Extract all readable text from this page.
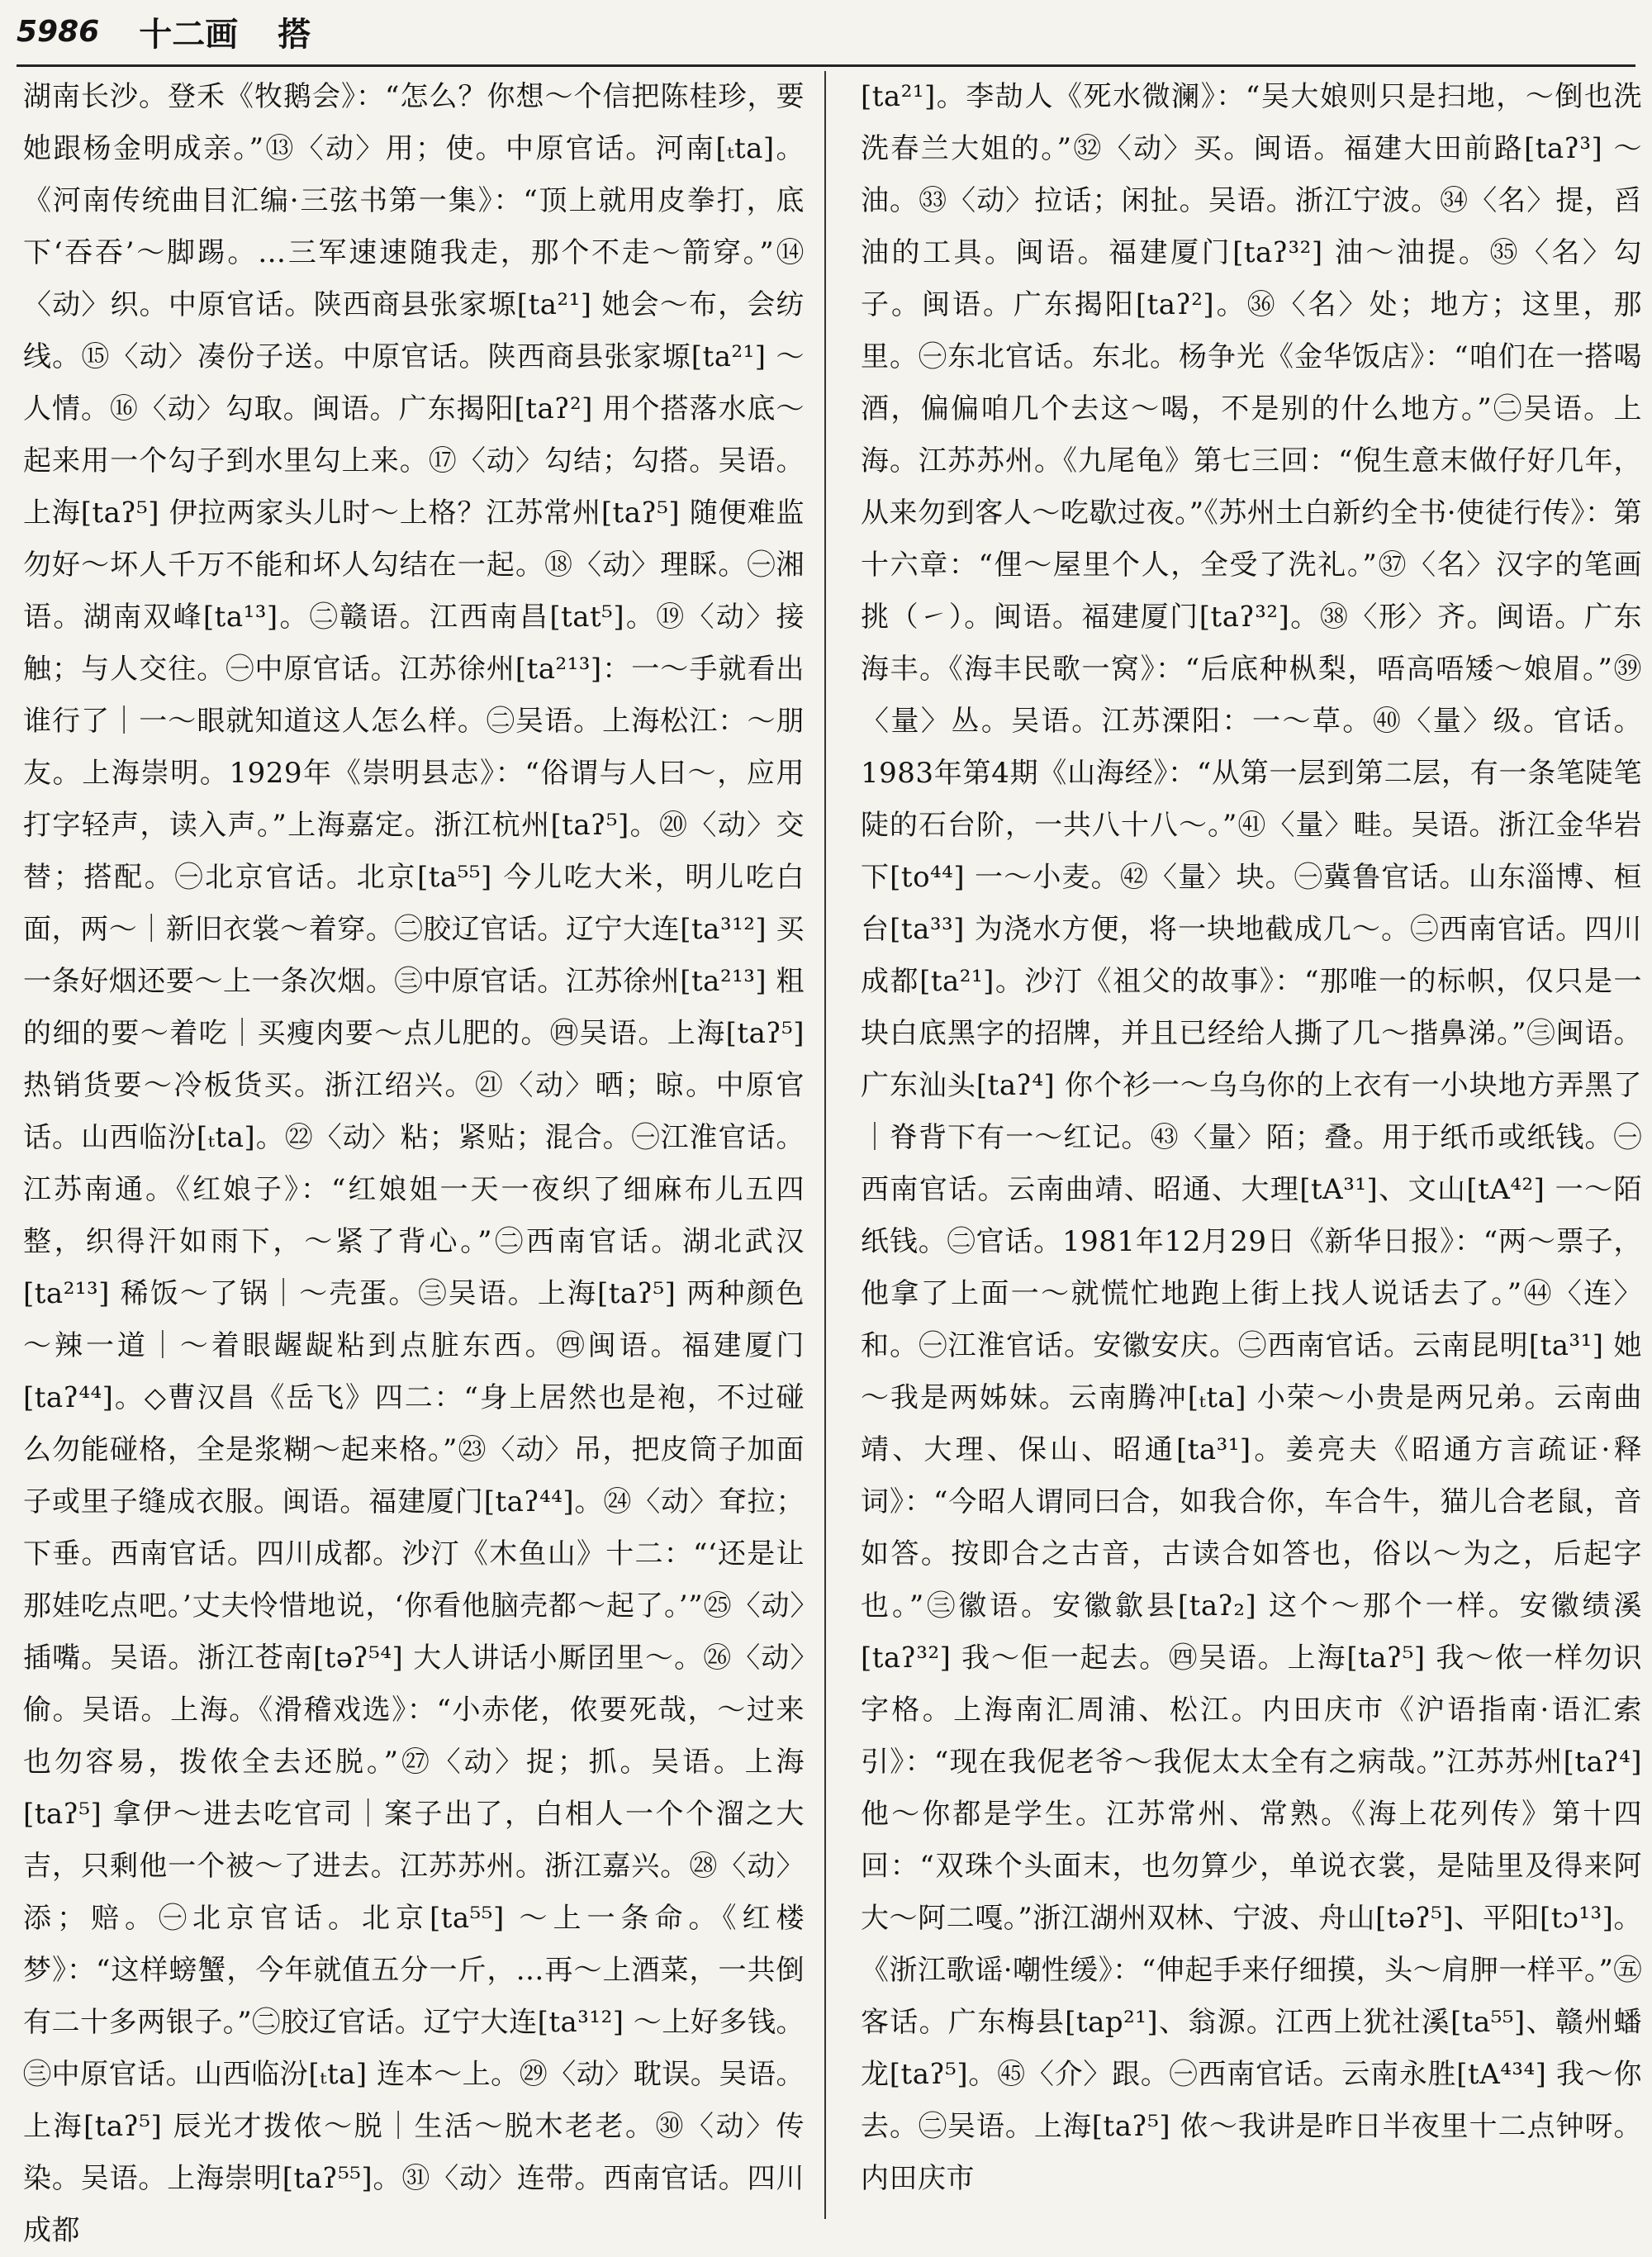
5986 十二画 搭

湖南长沙。登禾《牧鹅会》：“怎么？你想～个信把陈桂珍，要她跟杨金明成亲。”⑬〈动〉用；使。中原官话。河南[ₜta]。《河南传统曲目汇编·三弦书第一集》：“顶上就用皮拳打，底下‘吞吞’～脚踢。…三军速速随我走，那个不走～箭穿。”⑭〈动〉织。中原官话。陕西商县张家塬[ta²¹] 她会～布，会纺线。⑮〈动〉凑份子送。中原官话。陕西商县张家塬[ta²¹] ～人情。⑯〈动〉勾取。闽语。广东揭阳[taʔ²] 用个搭落水底～起来用一个勾子到水里勾上来。⑰〈动〉勾结；勾搭。吴语。上海[taʔ⁵] 伊拉两家头儿时～上格？江苏常州[taʔ⁵] 随便难监勿好～坏人千万不能和坏人勾结在一起。⑱〈动〉理睬。㊀湘语。湖南双峰[ta¹³]。㊁赣语。江西南昌[tat⁵]。⑲〈动〉接触；与人交往。㊀中原官话。江苏徐州[ta²¹³]：一～手就看出谁行了｜一～眼就知道这人怎么样。㊁吴语。上海松江：～朋友。上海崇明。1929年《崇明县志》：“俗谓与人曰～，应用打字轻声，读入声。”上海嘉定。浙江杭州[taʔ⁵]。⑳〈动〉交替；搭配。㊀北京官话。北京[ta⁵⁵] 今儿吃大米，明儿吃白面，两～｜新旧衣裳～着穿。㊁胶辽官话。辽宁大连[ta³¹²] 买一条好烟还要～上一条次烟。㊂中原官话。江苏徐州[ta²¹³] 粗的细的要～着吃｜买瘦肉要～点儿肥的。㊃吴语。上海[taʔ⁵] 热销货要～冷板货买。浙江绍兴。㉑〈动〉晒；晾。中原官话。山西临汾[ₜta]。㉒〈动〉粘；紧贴；混合。㊀江淮官话。江苏南通。《红娘子》：“红娘姐一天一夜织了细麻布儿五四整，织得汗如雨下，～紧了背心。”㊁西南官话。湖北武汉[ta²¹³] 稀饭～了锅｜～壳蛋。㊂吴语。上海[taʔ⁵] 两种颜色～辣一道｜～着眼龌龊粘到点脏东西。㊃闽语。福建厦门[taʔ⁴⁴]。◇曹汉昌《岳飞》四二：“身上居然也是袍，不过碰么勿能碰格，全是浆糊～起来格。”㉓〈动〉吊，把皮筒子加面子或里子缝成衣服。闽语。福建厦门[taʔ⁴⁴]。㉔〈动〉耷拉；下垂。西南官话。四川成都。沙汀《木鱼山》十二：“‘还是让那娃吃点吧。’丈夫怜惜地说，‘你看他脑壳都～起了。’”㉕〈动〉插嘴。吴语。浙江苍南[təʔ⁵⁴] 大人讲话小厮囝里～。㉖〈动〉偷。吴语。上海。《滑稽戏选》：“小赤佬，侬要死哉，～过来也勿容易，拨侬全去还脱。”㉗〈动〉捉；抓。吴语。上海[taʔ⁵] 拿伊～进去吃官司｜案子出了，白相人一个个溜之大吉，只剩他一个被～了进去。江苏苏州。浙江嘉兴。㉘〈动〉添；赔。㊀北京官话。北京[ta⁵⁵] ～上一条命。《红楼梦》：“这样螃蟹，今年就值五分一斤，…再～上酒菜，一共倒有二十多两银子。”㊁胶辽官话。辽宁大连[ta³¹²] ～上好多钱。㊂中原官话。山西临汾[ₜta] 连本～上。㉙〈动〉耽误。吴语。上海[taʔ⁵] 辰光才拨侬～脱｜生活～脱木老老。㉚〈动〉传染。吴语。上海崇明[taʔ⁵⁵]。㉛〈动〉连带。西南官话。四川成都

[ta²¹]。李劼人《死水微澜》：“吴大娘则只是扫地，～倒也洗洗春兰大姐的。”㉜〈动〉买。闽语。福建大田前路[taʔ³] ～油。㉝〈动〉拉话；闲扯。吴语。浙江宁波。㉞〈名〉提，舀油的工具。闽语。福建厦门[taʔ³²] 油～油提。㉟〈名〉勾子。闽语。广东揭阳[taʔ²]。㊱〈名〉处；地方；这里，那里。㊀东北官话。东北。杨争光《金华饭店》：“咱们在一搭喝酒，偏偏咱几个去这～喝，不是别的什么地方。”㊁吴语。上海。江苏苏州。《九尾龟》第七三回：“倪生意末做仔好几年，从来勿到客人～吃歇过夜。”《苏州土白新约全书·使徒行传》：第十六章：“俚～屋里个人，全受了洗礼。”㊲〈名〉汉字的笔画挑（㇀）。闽语。福建厦门[taʔ³²]。㊳〈形〉齐。闽语。广东海丰。《海丰民歌一窝》：“后底种枞梨，唔高唔矮～娘眉。”㊴〈量〉丛。吴语。江苏溧阳：一～草。㊵〈量〉级。官话。1983年第4期《山海经》：“从第一层到第二层，有一条笔陡笔陡的石台阶，一共八十八～。”㊶〈量〉畦。吴语。浙江金华岩下[to⁴⁴] 一～小麦。㊷〈量〉块。㊀冀鲁官话。山东淄博、桓台[ta³³] 为浇水方便，将一块地截成几～。㊁西南官话。四川成都[ta²¹]。沙汀《祖父的故事》：“那唯一的标帜，仅只是一块白底黑字的招牌，并且已经给人撕了几～揩鼻涕。”㊂闽语。广东汕头[taʔ⁴] 你个衫一～乌乌你的上衣有一小块地方弄黑了｜脊背下有一～红记。㊸〈量〉陌；叠。用于纸币或纸钱。㊀西南官话。云南曲靖、昭通、大理[tA³¹]、文山[tA⁴²] 一～陌纸钱。㊁官话。1981年12月29日《新华日报》：“两～票子，他拿了上面一～就慌忙地跑上街上找人说话去了。”㊹〈连〉和。㊀江淮官话。安徽安庆。㊁西南官话。云南昆明[ta³¹] 她～我是两姊妹。云南腾冲[ₜta] 小荣～小贵是两兄弟。云南曲靖、大理、保山、昭通[ta³¹]。姜亮夫《昭通方言疏证·释词》：“今昭人谓同曰合，如我合你，车合牛，猫儿合老鼠，音如答。按即合之古音，古读合如答也，俗以～为之，后起字也。”㊂徽语。安徽歙县[taʔ₂] 这个～那个一样。安徽绩溪[taʔ³²] 我～佢一起去。㊃吴语。上海[taʔ⁵] 我～侬一样勿识字格。上海南汇周浦、松江。内田庆市《沪语指南·语汇索引》：“现在我伲老爷～我伲太太全有之病哉。”江苏苏州[taʔ⁴] 他～你都是学生。江苏常州、常熟。《海上花列传》第十四回：“双珠个头面末，也勿算少，单说衣裳，是陆里及得来阿大～阿二嘎。”浙江湖州双林、宁波、舟山[təʔ⁵]、平阳[tɔ¹³]。《浙江歌谣·嘲性缓》：“伸起手来仔细摸，头～肩胛一样平。”㊄客话。广东梅县[tap²¹]、翁源。江西上犹社溪[ta⁵⁵]、赣州蟠龙[taʔ⁵]。㊺〈介〉跟。㊀西南官话。云南永胜[tA⁴³⁴] 我～你去。㊁吴语。上海[taʔ⁵] 侬～我讲是昨日半夜里十二点钟呀。内田庆市
